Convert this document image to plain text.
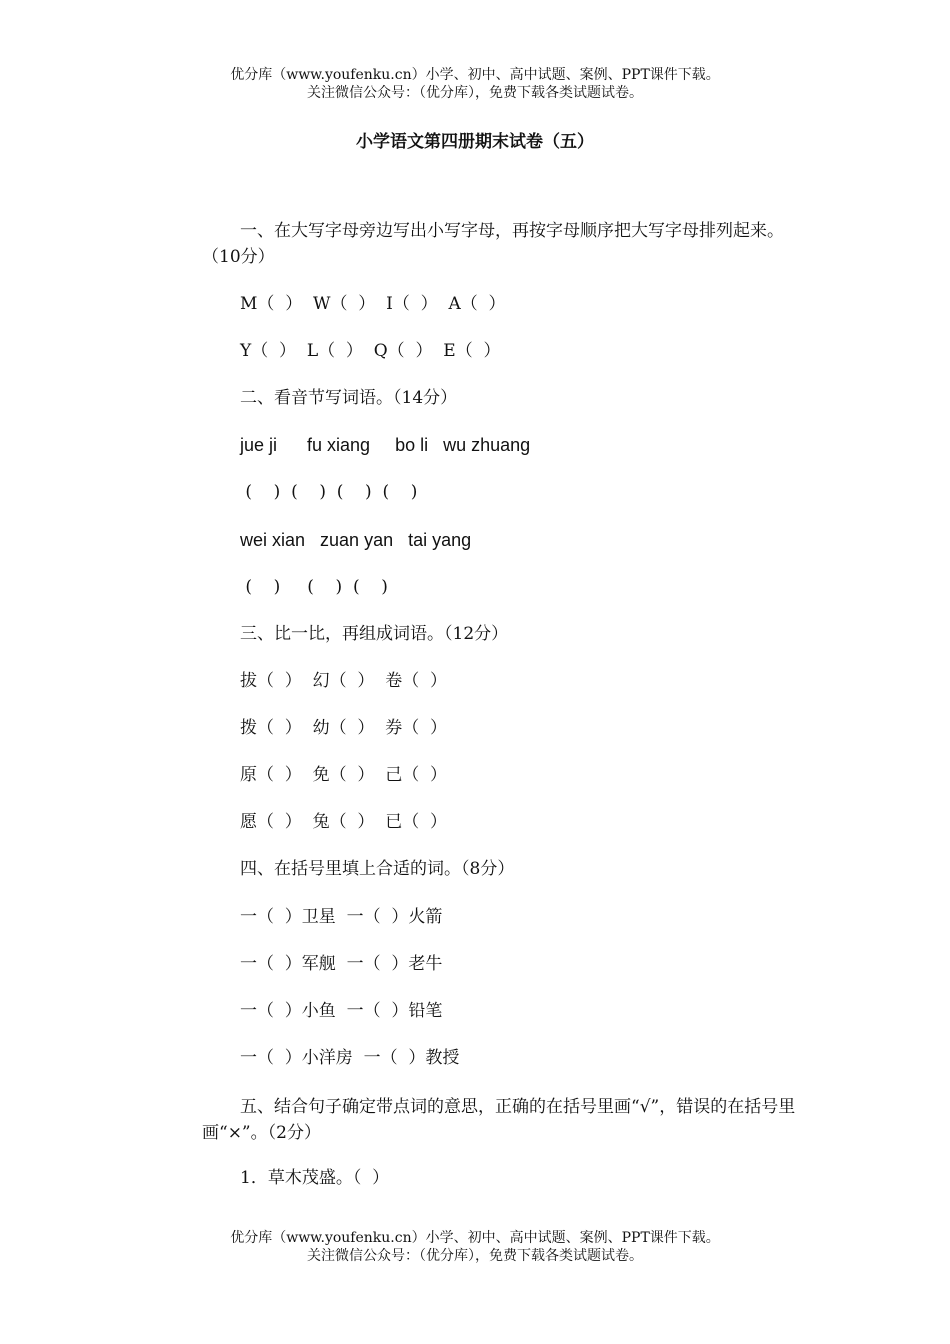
优分库（www.youfenku.cn）小学、初中、高中试题、案例、PPT课件下载。
关注微信公众号：（优分库），免费下载各类试题试卷。
小学语文第四册期末试卷（五）
一、在大写字母旁边写出小写字母，再按字母顺序把大写字母排列起来。（10分）
M（  ）  W（  ）  I（  ）  A（  ）
Y（  ）  L（  ）  Q（  ）  E（  ）
二、看音节写词语。（14分）
jue ji      fu xiang     bo li   wu zhuang
(    )  (    )  (    )  (    )
wei xian   zuan yan   tai yang
(    )     (    )  (    )
三、比一比，再组成词语。（12分）
拔（  ）  幻（  ）  卷（  ）
拨（  ）  幼（  ）  券（  ）
原（  ）  免（  ）  己（  ）
愿（  ）  兔（  ）  已（  ）
四、在括号里填上合适的词。（8分）
一（  ）卫星  一（  ）火箭
一（  ）军舰  一（  ）老牛
一（  ）小鱼  一（  ）铅笔
一（  ）小洋房  一（  ）教授
五、结合句子确定带点词的意思，正确的在括号里画“√”，错误的在括号里画“×”。（2分）
1．草木茂盛。（  ）
优分库（www.youfenku.cn）小学、初中、高中试题、案例、PPT课件下载。
关注微信公众号：（优分库），免费下载各类试题试卷。
